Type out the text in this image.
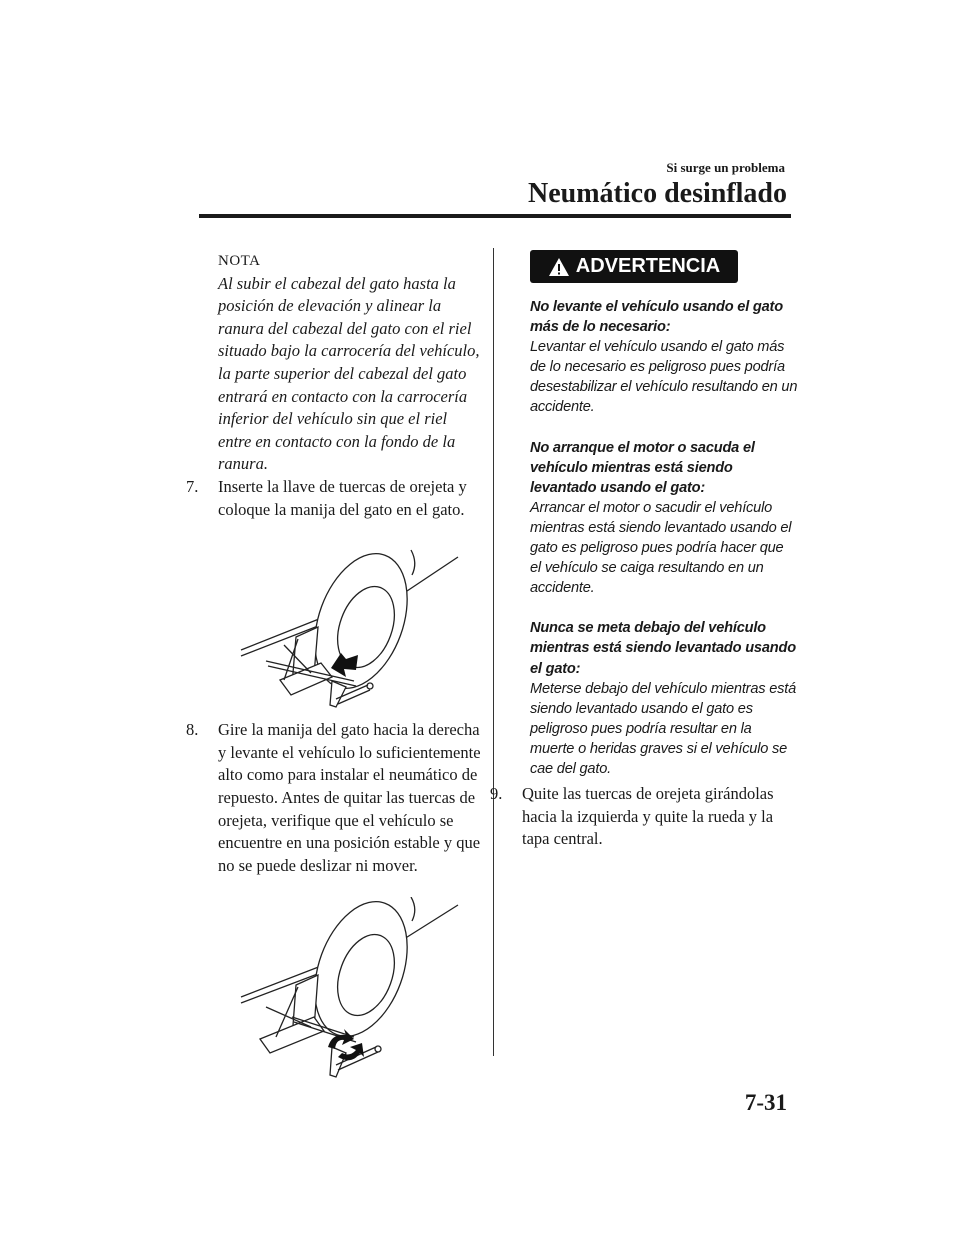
Si surge un problema
Neumático desinflado
NOTA
Al subir el cabezal del gato hasta la posición de elevación y alinear la ranura del cabezal del gato con el riel situado bajo la carrocería del vehículo, la parte superior del cabezal del gato entrará en contacto con la carrocería inferior del vehículo sin que el riel entre en contacto con la fondo de la ranura.
7.	Inserte la llave de tuercas de orejeta y coloque la manija del gato en el gato.
8.	Gire la manija del gato hacia la derecha y levante el vehículo lo suficientemente alto como para instalar el neumático de repuesto. Antes de quitar las tuercas de orejeta, verifique que el vehículo se encuentre en una posición estable y que no se puede deslizar ni mover.
ADVERTENCIA
No levante el vehículo usando el gato más de lo necesario:
Levantar el vehículo usando el gato más de lo necesario es peligroso pues podría desestabilizar el vehículo resultando en un accidente.
No arranque el motor o sacuda el vehículo mientras está siendo levantado usando el gato:
Arrancar el motor o sacudir el vehículo mientras está siendo levantado usando el gato es peligroso pues podría hacer que el vehículo se caiga resultando en un accidente.
Nunca se meta debajo del vehículo mientras está siendo levantado usando el gato:
Meterse debajo del vehículo mientras está siendo levantado usando el gato es peligroso pues podría resultar en la muerte o heridas graves si el vehículo se cae del gato.
9.	Quite las tuercas de orejeta girándolas hacia la izquierda y quite la rueda y la tapa central.
7-31
